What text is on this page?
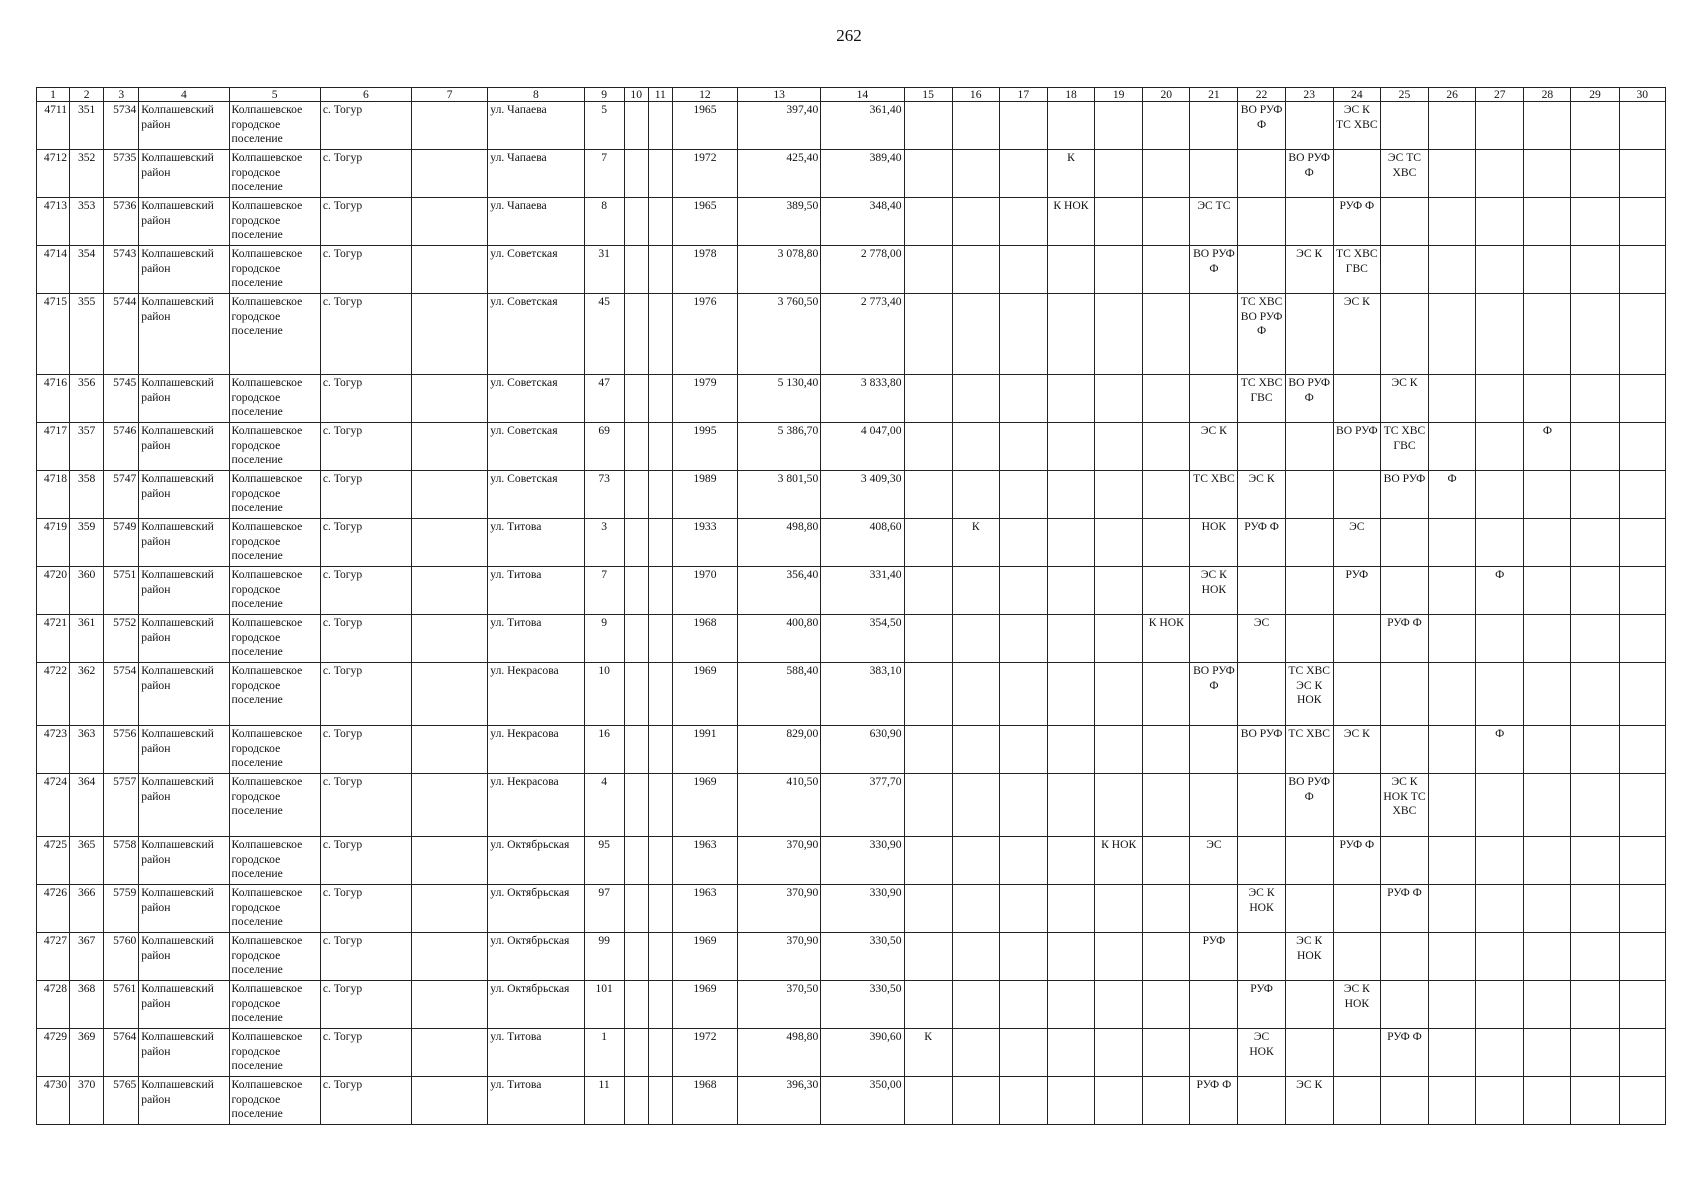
262
1	2	3	4	5	6	7	8	9	10	11	12	13	14	15	16	17	18	19	20	21	22	23	24	25	26	27	28	29	30
4711	351	5734	Колпашевский район	Колпашевское городское поселение	с. Тогур		ул. Чапаева	5			1965	397,40	361,40								ВО РУФ Ф		ЭС К ТС ХВС						
4712	352	5735	Колпашевский район	Колпашевское городское поселение	с. Тогур		ул. Чапаева	7			1972	425,40	389,40				К					ВО РУФ Ф		ЭС ТС ХВС					
4713	353	5736	Колпашевский район	Колпашевское городское поселение	с. Тогур		ул. Чапаева	8			1965	389,50	348,40				К НОК			ЭС ТС			РУФ Ф						
4714	354	5743	Колпашевский район	Колпашевское городское поселение	с. Тогур		ул. Советская	31			1978	3 078,80	2 778,00							ВО РУФ Ф		ЭС К	ТС ХВС ГВС						
4715	355	5744	Колпашевский район	Колпашевское городское поселение	с. Тогур		ул. Советская	45			1976	3 760,50	2 773,40								ТС ХВС ВО РУФ Ф		ЭС К						
4716	356	5745	Колпашевский район	Колпашевское городское поселение	с. Тогур		ул. Советская	47			1979	5 130,40	3 833,80								ТС ХВС ГВС	ВО РУФ Ф		ЭС К					
4717	357	5746	Колпашевский район	Колпашевское городское поселение	с. Тогур		ул. Советская	69			1995	5 386,70	4 047,00							ЭС К			ВО РУФ	ТС ХВС ГВС			Ф		
4718	358	5747	Колпашевский район	Колпашевское городское поселение	с. Тогур		ул. Советская	73			1989	3 801,50	3 409,30							ТС ХВС	ЭС К			ВО РУФ	Ф				
4719	359	5749	Колпашевский район	Колпашевское городское поселение	с. Тогур		ул. Титова	3			1933	498,80	408,60		К					НОК	РУФ Ф		ЭС						
4720	360	5751	Колпашевский район	Колпашевское городское поселение	с. Тогур		ул. Титова	7			1970	356,40	331,40							ЭС К НОК			РУФ			Ф			
4721	361	5752	Колпашевский район	Колпашевское городское поселение	с. Тогур		ул. Титова	9			1968	400,80	354,50						К НОК		ЭС			РУФ Ф					
4722	362	5754	Колпашевский район	Колпашевское городское поселение	с. Тогур		ул. Некрасова	10			1969	588,40	383,10							ВО РУФ Ф		ТС ХВС ЭС К НОК							
4723	363	5756	Колпашевский район	Колпашевское городское поселение	с. Тогур		ул. Некрасова	16			1991	829,00	630,90								ВО РУФ	ТС ХВС	ЭС К			Ф			
4724	364	5757	Колпашевский район	Колпашевское городское поселение	с. Тогур		ул. Некрасова	4			1969	410,50	377,70									ВО РУФ Ф		ЭС К НОК ТС ХВС					
4725	365	5758	Колпашевский район	Колпашевское городское поселение	с. Тогур		ул. Октябрьская	95			1963	370,90	330,90					К НОК		ЭС			РУФ Ф						
4726	366	5759	Колпашевский район	Колпашевское городское поселение	с. Тогур		ул. Октябрьская	97			1963	370,90	330,90								ЭС К НОК			РУФ Ф					
4727	367	5760	Колпашевский район	Колпашевское городское поселение	с. Тогур		ул. Октябрьская	99			1969	370,90	330,50							РУФ		ЭС К НОК							
4728	368	5761	Колпашевский район	Колпашевское городское поселение	с. Тогур		ул. Октябрьская	101			1969	370,50	330,50								РУФ		ЭС К НОК						
4729	369	5764	Колпашевский район	Колпашевское городское поселение	с. Тогур		ул. Титова	1			1972	498,80	390,60	К							ЭС НОК			РУФ Ф					
4730	370	5765	Колпашевский район	Колпашевское городское поселение	с. Тогур		ул. Титова	11			1968	396,30	350,00							РУФ Ф		ЭС К							
